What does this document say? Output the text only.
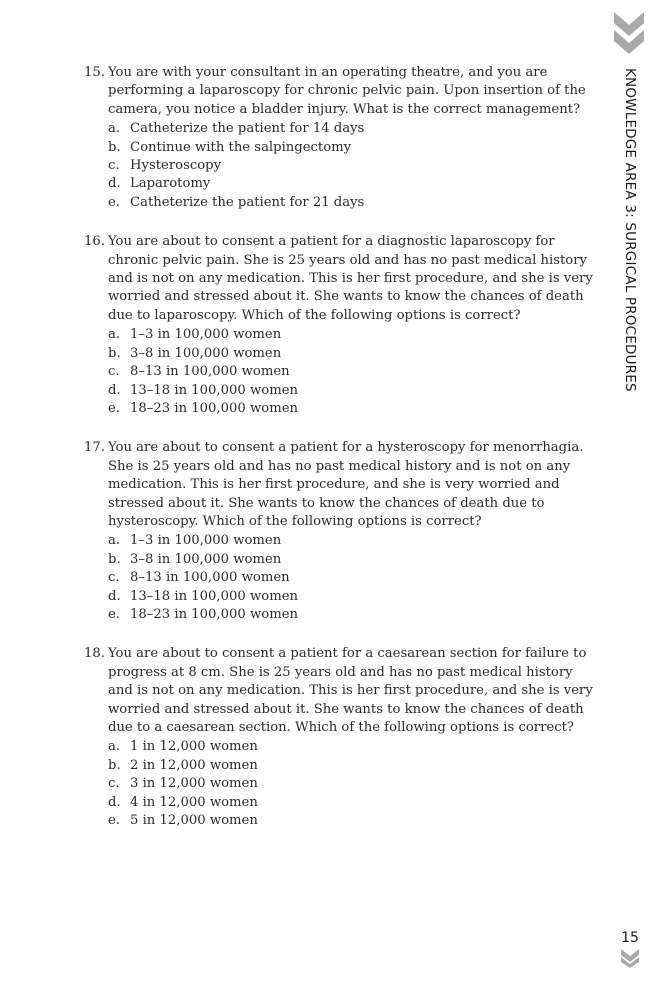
KNOWLEDGE AREA 3: SURGICAL PROCEDURES
15. You are with your consultant in an operating theatre, and you are performing a laparoscopy for chronic pelvic pain. Upon insertion of the camera, you notice a bladder injury. What is the correct management?
a. Catheterize the patient for 14 days
b. Continue with the salpingectomy
c. Hysteroscopy
d. Laparotomy
e. Catheterize the patient for 21 days
16. You are about to consent a patient for a diagnostic laparoscopy for chronic pelvic pain. She is 25 years old and has no past medical history and is not on any medication. This is her first procedure, and she is very worried and stressed about it. She wants to know the chances of death due to laparoscopy. Which of the following options is correct?
a. 1–3 in 100,000 women
b. 3–8 in 100,000 women
c. 8–13 in 100,000 women
d. 13–18 in 100,000 women
e. 18–23 in 100,000 women
17. You are about to consent a patient for a hysteroscopy for menorrhagia. She is 25 years old and has no past medical history and is not on any medication. This is her first procedure, and she is very worried and stressed about it. She wants to know the chances of death due to hysteroscopy. Which of the following options is correct?
a. 1–3 in 100,000 women
b. 3–8 in 100,000 women
c. 8–13 in 100,000 women
d. 13–18 in 100,000 women
e. 18–23 in 100,000 women
18. You are about to consent a patient for a caesarean section for failure to progress at 8 cm. She is 25 years old and has no past medical history and is not on any medication. This is her first procedure, and she is very worried and stressed about it. She wants to know the chances of death due to a caesarean section. Which of the following options is correct?
a. 1 in 12,000 women
b. 2 in 12,000 women
c. 3 in 12,000 women
d. 4 in 12,000 women
e. 5 in 12,000 women
15
